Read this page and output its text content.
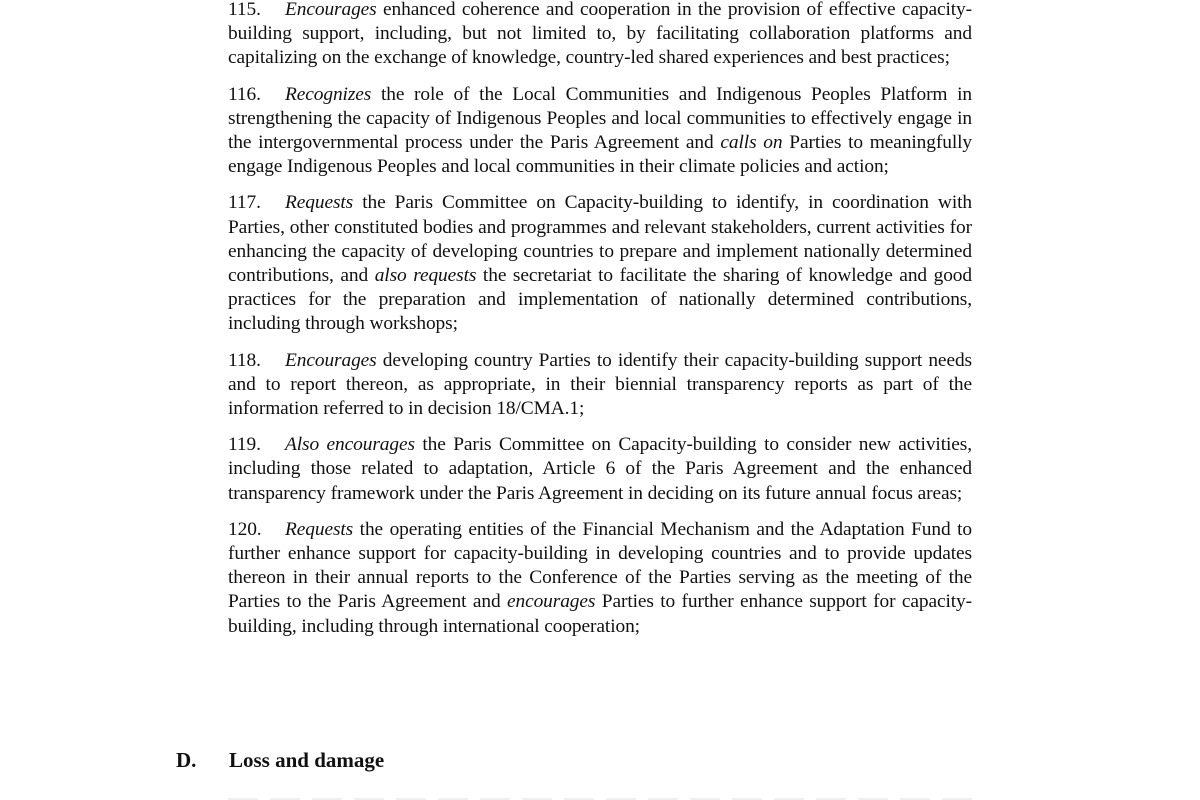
115. Encourages enhanced coherence and cooperation in the provision of effective capacity-building support, including, but not limited to, by facilitating collaboration platforms and capitalizing on the exchange of knowledge, country-led shared experiences and best practices;

116. Recognizes the role of the Local Communities and Indigenous Peoples Platform in strengthening the capacity of Indigenous Peoples and local communities to effectively engage in the intergovernmental process under the Paris Agreement and calls on Parties to meaningfully engage Indigenous Peoples and local communities in their climate policies and action;

117. Requests the Paris Committee on Capacity-building to identify, in coordination with Parties, other constituted bodies and programmes and relevant stakeholders, current activities for enhancing the capacity of developing countries to prepare and implement nationally determined contributions, and also requests the secretariat to facilitate the sharing of knowledge and good practices for the preparation and implementation of nationally determined contributions, including through workshops;

118. Encourages developing country Parties to identify their capacity-building support needs and to report thereon, as appropriate, in their biennial transparency reports as part of the information referred to in decision 18/CMA.1;

119. Also encourages the Paris Committee on Capacity-building to consider new activities, including those related to adaptation, Article 6 of the Paris Agreement and the enhanced transparency framework under the Paris Agreement in deciding on its future annual focus areas;

120. Requests the operating entities of the Financial Mechanism and the Adaptation Fund to further enhance support for capacity-building in developing countries and to provide updates thereon in their annual reports to the Conference of the Parties serving as the meeting of the Parties to the Paris Agreement and encourages Parties to further enhance support for capacity-building, including through international cooperation;

D. Loss and damage
